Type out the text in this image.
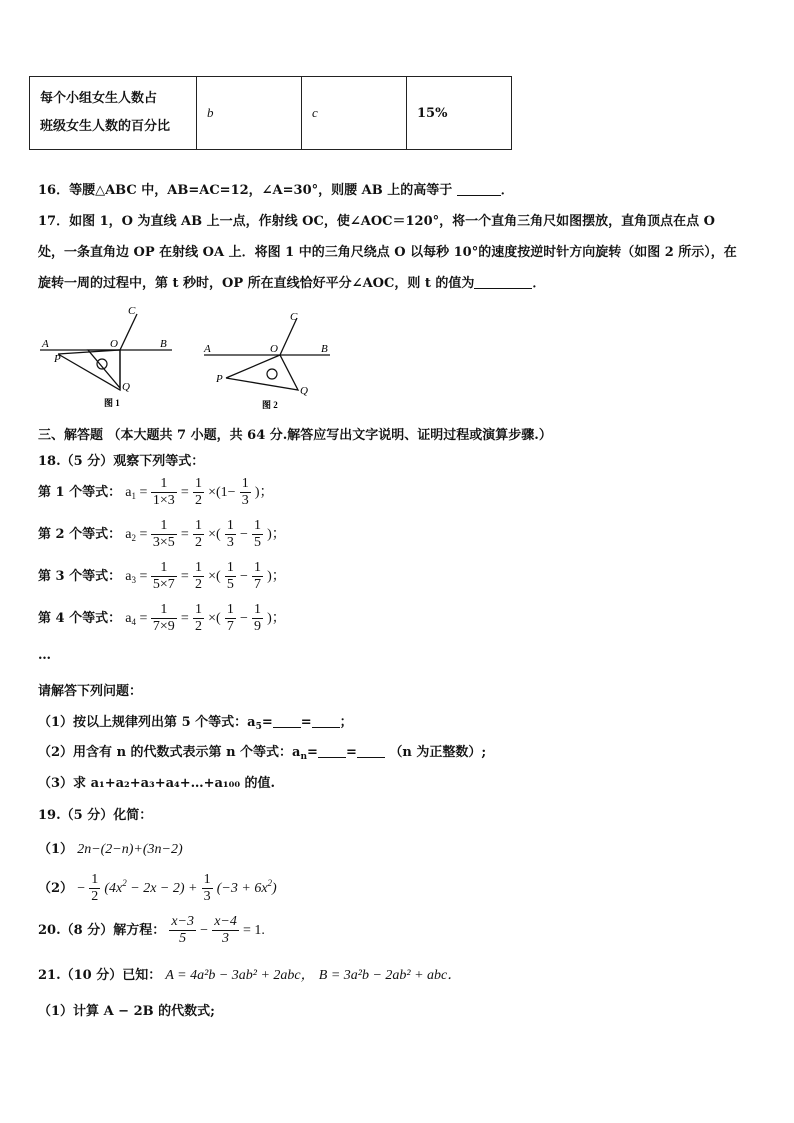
每个小组女生人数占
班级女生人数的百分比
	b	c	15%
16．等腰△ABC 中，AB=AC=12，∠A=30°，则腰 AB 上的高等于	．
17．如图 1，O 为直线 AB 上一点，作射线 OC，使∠AOC＝120°，将一个直角三角尺如图摆放，直角顶点在点 O
处，一条直角边 OP 在射线 OA 上．将图 1 中的三角尺绕点 O 以每秒 10°的速度按逆时针方向旋转（如图 2 所示），在
旋转一周的过程中，第 t 秒时，OP 所在直线恰好平分∠AOC，则 t 的值为	．
A	B
C
O
P
Q
图 1
A	B
C
O
P
Q
图 2
三、解答题 （本大题共 7 小题，共 64 分.解答应写出文字说明、证明过程或演算步骤.）
18.（5 分）观察下列等式：
第 1 个等式： $a_1 = \frac{1}{1\times 3} = \frac{1}{2} \times(1- \frac{1}{3}$ )；
第 2 个等式： $a_2 = \frac{1}{3\times 5} = \frac{1}{2}$ ×( $\frac{1}{3} - \frac{1}{5}$ )；
第 3 个等式： $a_3 = \frac{1}{5\times 7} = \frac{1}{2}$ ×( $\frac{1}{5} - \frac{1}{7}$ )；
第 4 个等式： $a_4 = \frac{1}{7\times 9} = \frac{1}{2}$ ×( $\frac{1}{7} - \frac{1}{9}$ )；
…
请解答下列问题：
（1）按以上规律列出第 5 个等式：$a_5=$ = ；
（2）用含有 n 的代数式表示第 n 个等式：$a_n=$ =	（n 为正整数）;
（3）求 a₁+a₂+a₃+a₄+…+a₁₀₀ 的值.
19.（5 分）化简：
（1） 2n−(2−n)+(3n−2)
$(2) - \frac{1}{2} (4x^2 - 2x - 2) + \frac{1}{3} (-3 + 6x^2)$
20.（8 分）解方程： $\frac{x-3}{5} - \frac{x-4}{3} = 1$.
21.（10 分）已知： A = 4a²b − 3ab² + 2abc， B = 3a²b − 2ab² + abc．
（1）计算 A − 2B 的代数式;
